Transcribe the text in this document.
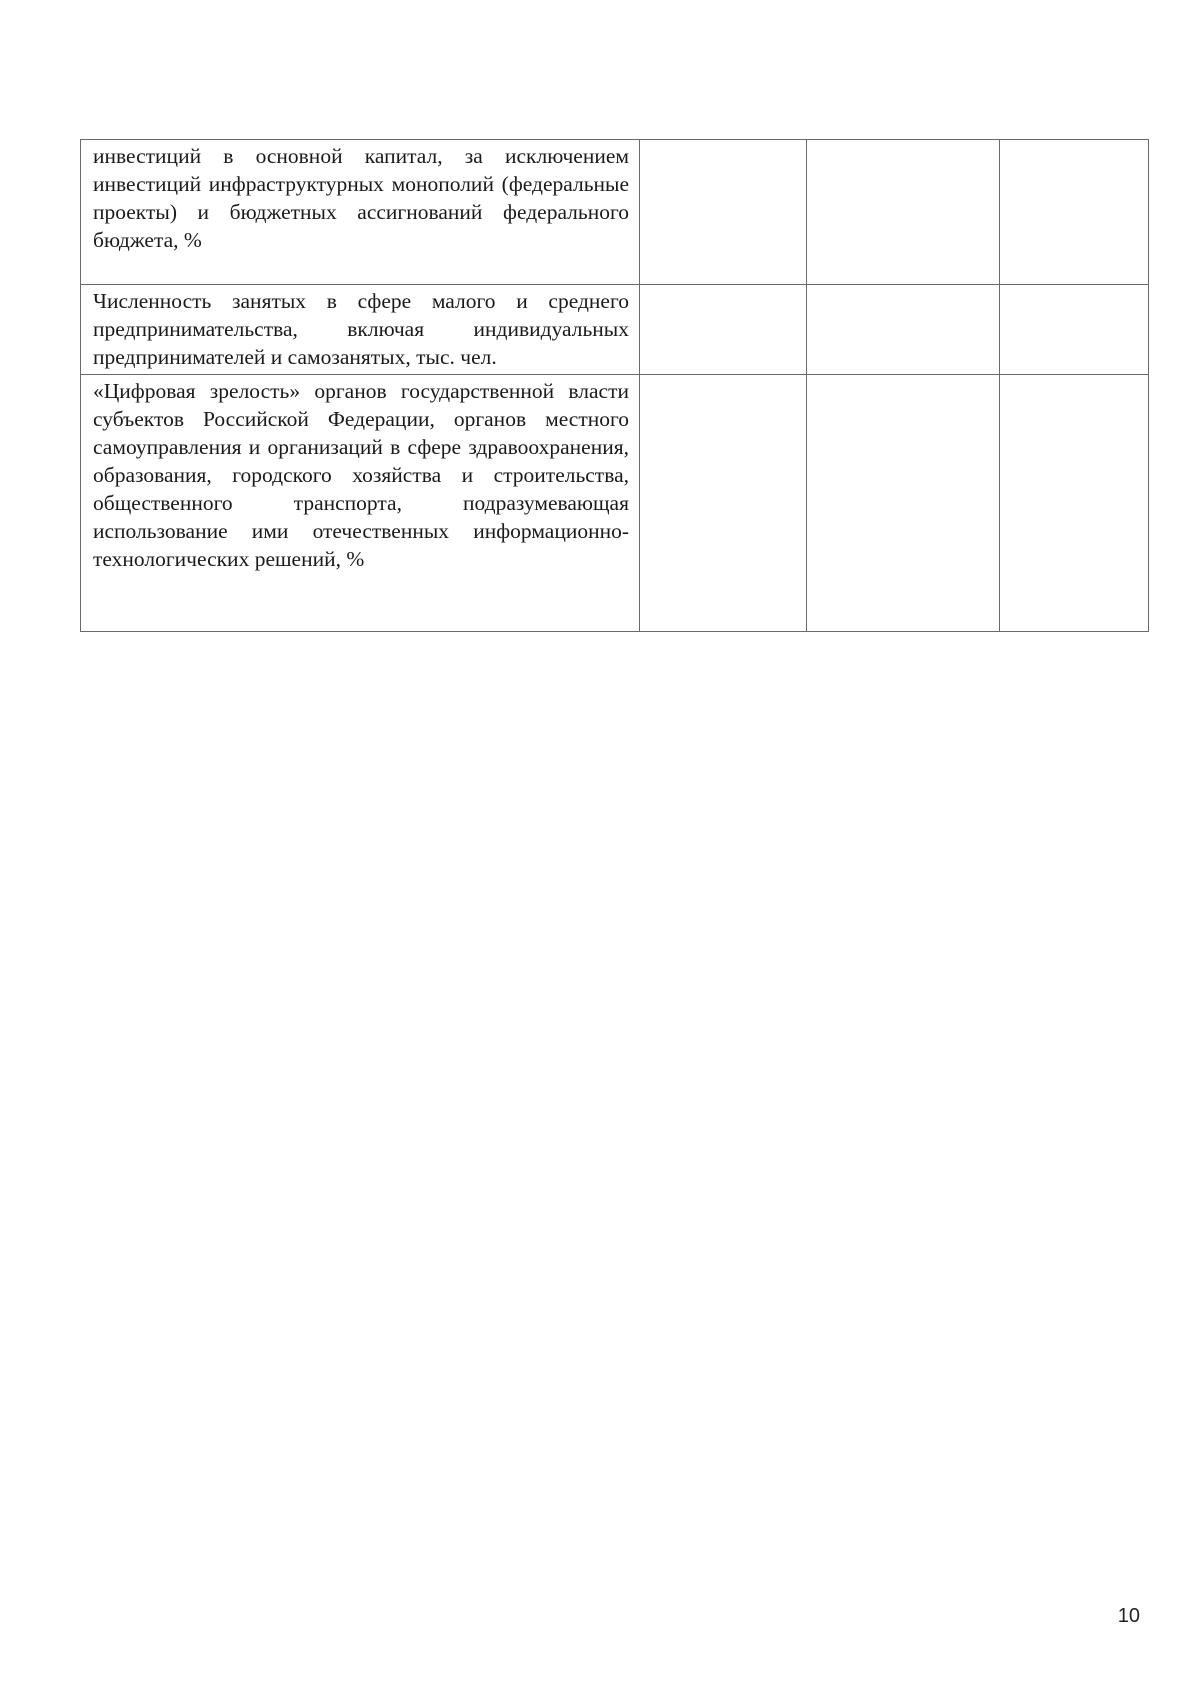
инвестиций в основной капитал, за исключением инвестиций инфраструктурных монополий (федеральные проекты) и бюджетных ассигнований федерального бюджета, %			
Численность занятых в сфере малого и среднего предпринимательства, включая индивидуальных предпринимателей и самозанятых, тыс. чел.			
«Цифровая зрелость» органов государственной власти субъектов Российской Федерации, органов местного самоуправления и организаций в сфере здравоохранения, образования, городского хозяйства и строительства, общественного транспорта, подразумевающая использование ими отечественных информационно-технологических решений, %			
10
